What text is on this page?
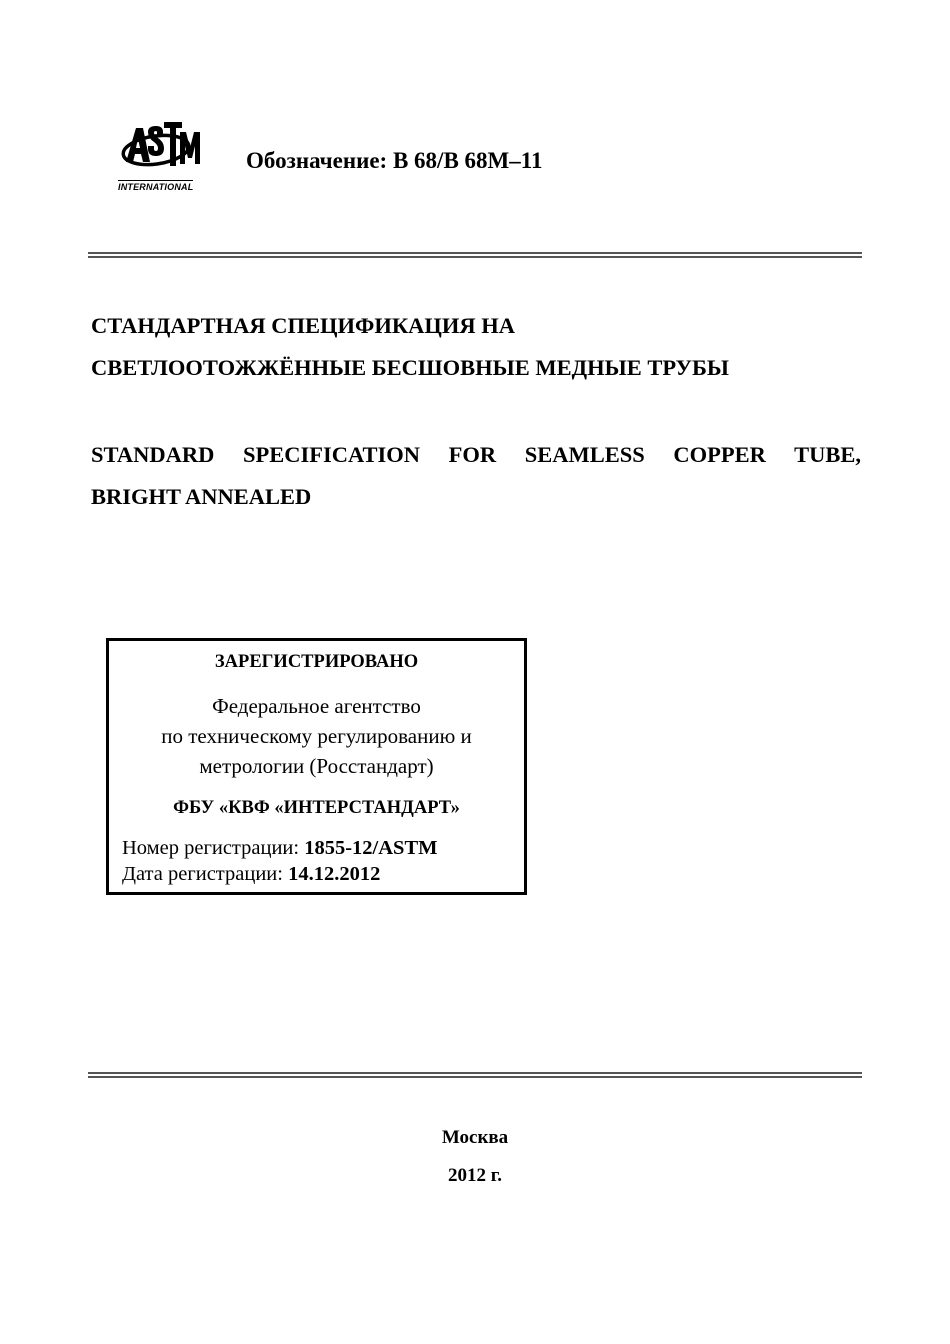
INTERNATIONAL
Обозначение: B 68/B 68M–11
СТАНДАРТНАЯ СПЕЦИФИКАЦИЯ НА
СВЕТЛООТОЖЖЁННЫЕ БЕСШОВНЫЕ МЕДНЫЕ ТРУБЫ
STANDARD SPECIFICATION FOR SEAMLESS COPPER TUBE,
BRIGHT ANNEALED
ЗАРЕГИСТРИРОВАНО
Федеральное агентство
по техническому регулированию и
метрологии (Росстандарт)
ФБУ «КВФ «ИНТЕРСТАНДАРТ»
Номер регистрации: 1855-12/ASTM
Дата регистрации: 14.12.2012
Москва
2012 г.
